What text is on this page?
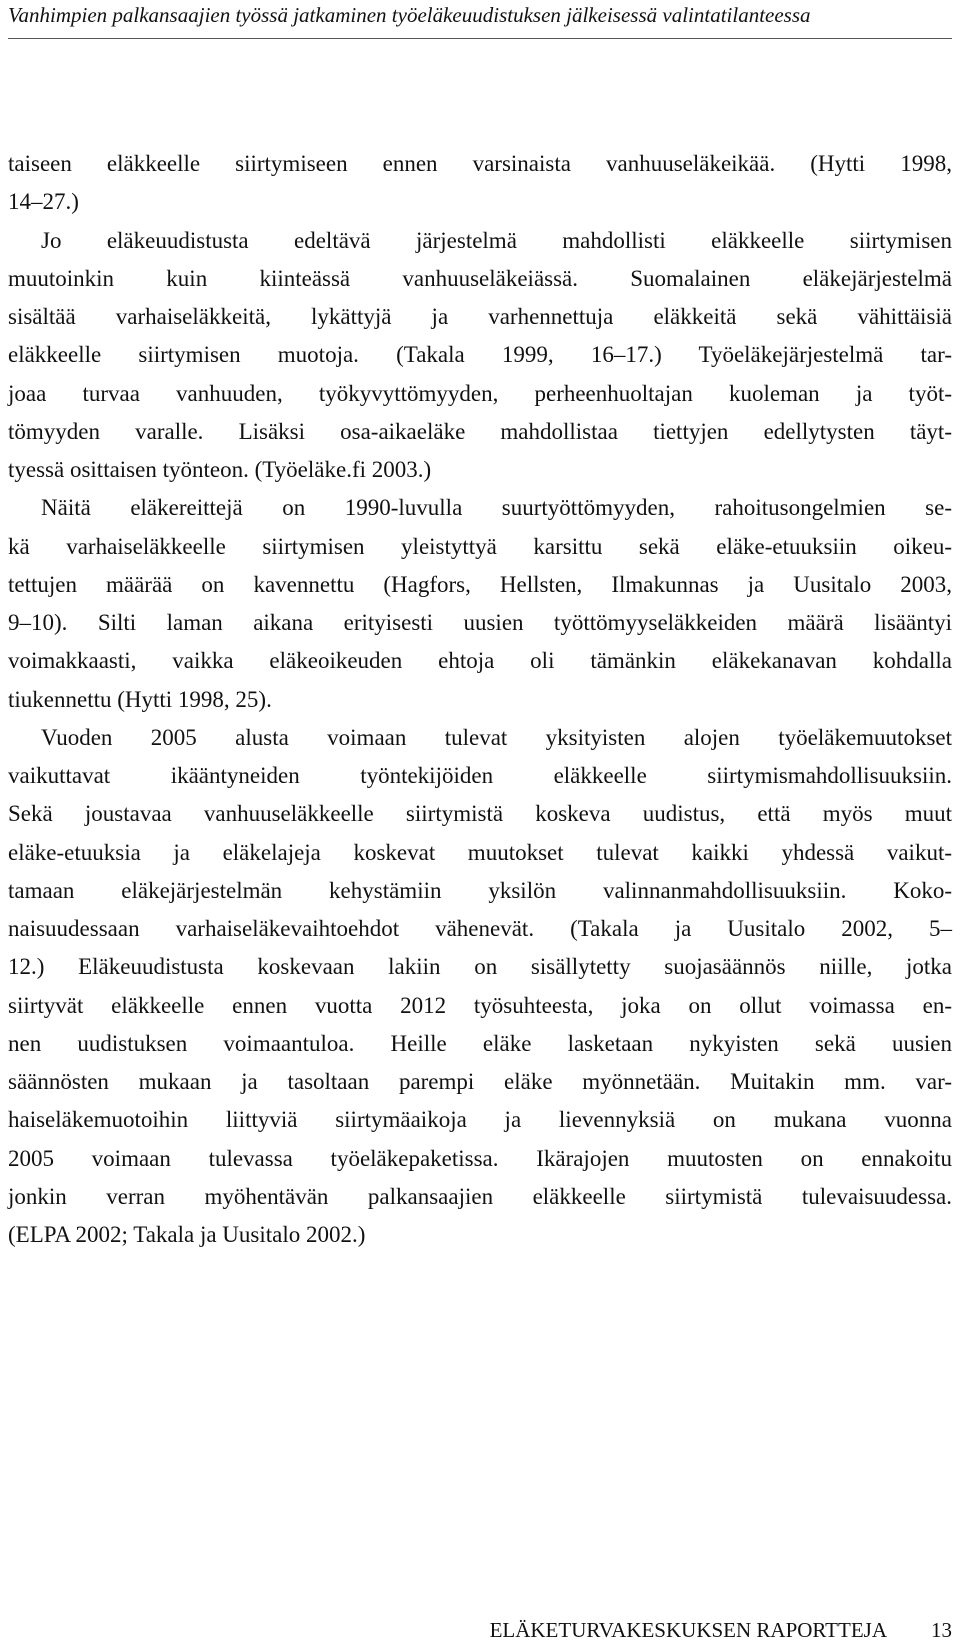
Vanhimpien palkansaajien työssä jatkaminen työeläkeuudistuksen jälkeisessä valintatilanteessa
taiseen eläkkeelle siirtymiseen ennen varsinaista vanhuuseläkeikää. (Hytti 1998,
14–27.)
Jo eläkeuudistusta edeltävä järjestelmä mahdollisti eläkkeelle siirtymisen
muutoinkin kuin kiinteässä vanhuuseläkeiässä. Suomalainen eläkejärjestelmä
sisältää varhaiseläkkeitä, lykättyjä ja varhennettuja eläkkeitä sekä vähittäisiä
eläkkeelle siirtymisen muotoja. (Takala 1999, 16–17.) Työeläkejärjestelmä tar-
joaa turvaa vanhuuden, työkyvyttömyyden, perheenhuoltajan kuoleman ja työt-
tömyyden varalle. Lisäksi osa-aikaeläke mahdollistaa tiettyjen edellytysten täyt-
tyessä osittaisen työnteon. (Työeläke.fi 2003.)
Näitä eläkereittejä on 1990-luvulla suurtyöttömyyden, rahoitusongelmien se-
kä varhaiseläkkeelle siirtymisen yleistyttyä karsittu sekä eläke-etuuksiin oikeu-
tettujen määrää on kavennettu (Hagfors, Hellsten, Ilmakunnas ja Uusitalo 2003,
9–10). Silti laman aikana erityisesti uusien työttömyyseläkkeiden määrä lisääntyi
voimakkaasti, vaikka eläkeoikeuden ehtoja oli tämänkin eläkekanavan kohdalla
tiukennettu (Hytti 1998, 25).
Vuoden 2005 alusta voimaan tulevat yksityisten alojen työeläkemuutokset
vaikuttavat ikääntyneiden työntekijöiden eläkkeelle siirtymismahdollisuuksiin.
Sekä joustavaa vanhuuseläkkeelle siirtymistä koskeva uudistus, että myös muut
eläke-etuuksia ja eläkelajeja koskevat muutokset tulevat kaikki yhdessä vaikut-
tamaan eläkejärjestelmän kehystämiin yksilön valinnanmahdollisuuksiin. Koko-
naisuudessaan varhaiseläkevaihtoehdot vähenevät. (Takala ja Uusitalo 2002, 5–
12.) Eläkeuudistusta koskevaan lakiin on sisällytetty suojasäännös niille, jotka
siirtyvät eläkkeelle ennen vuotta 2012 työsuhteesta, joka on ollut voimassa en-
nen uudistuksen voimaantuloa. Heille eläke lasketaan nykyisten sekä uusien
säännösten mukaan ja tasoltaan parempi eläke myönnetään. Muitakin mm. var-
haiseläkemuotoihin liittyviä siirtymäaikoja ja lievennyksiä on mukana vuonna
2005 voimaan tulevassa työeläkepaketissa. Ikärajojen muutosten on ennakoitu
jonkin verran myöhentävän palkansaajien eläkkeelle siirtymistä tulevaisuudessa.
(ELPA 2002; Takala ja Uusitalo 2002.)
ELÄKETURVAKESKUKSEN RAPORTTEJA 13
